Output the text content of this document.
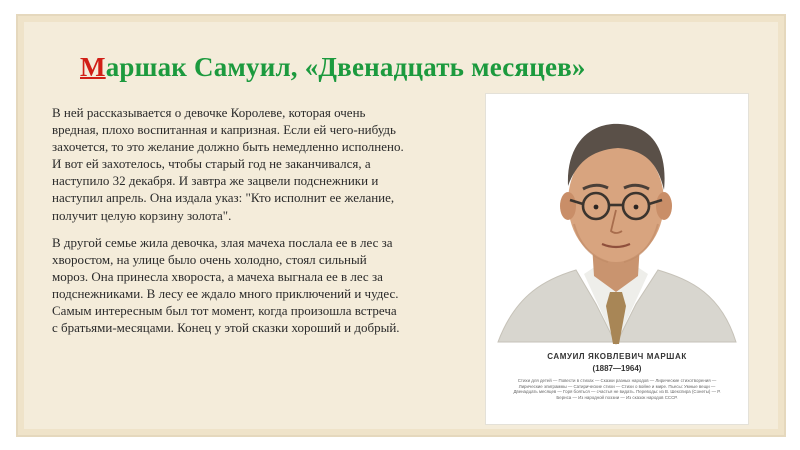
Маршак Самуил, «Двенадцать месяцев»

В ней рассказывается о девочке Королеве, которая очень вредная, плохо воспитанная и капризная. Если ей чего-нибудь захочется, то это желание должно быть немедленно исполнено. И вот ей захотелось, чтобы старый год не заканчивался, а наступило 32 декабря. И завтра же зацвели подснежники и наступил апрель. Она издала указ: "Кто исполнит ее желание, получит целую корзину золота".

В другой семье жила девочка, злая мачеха послала ее в лес за хворостом, на улице было очень холодно, стоял сильный мороз. Она принесла хвороста, а мачеха выгнала ее в лес за подснежниками. В лесу ее ждало много приключений и чудес. Самым интересным был тот момент, когда произошла встреча с братьями-месяцами. Конец у этой сказки хороший и добрый.

САМУИЛ ЯКОВЛЕВИЧ МАРШАК
(1887—1964)
Стихи для детей — Повести в стихах — Сказки разных народов — Лирические стихотворения — Лирические эпиграммы — Сатирические стихи — Стихи о войне и мире. Пьесы: Умные вещи — Двенадцать месяцев — Горя бояться — счастья не видать. Переводы: из В. Шекспира (Сонеты) — Р. Бернса — Из народной поэзии — Из сказок народов СССР.
